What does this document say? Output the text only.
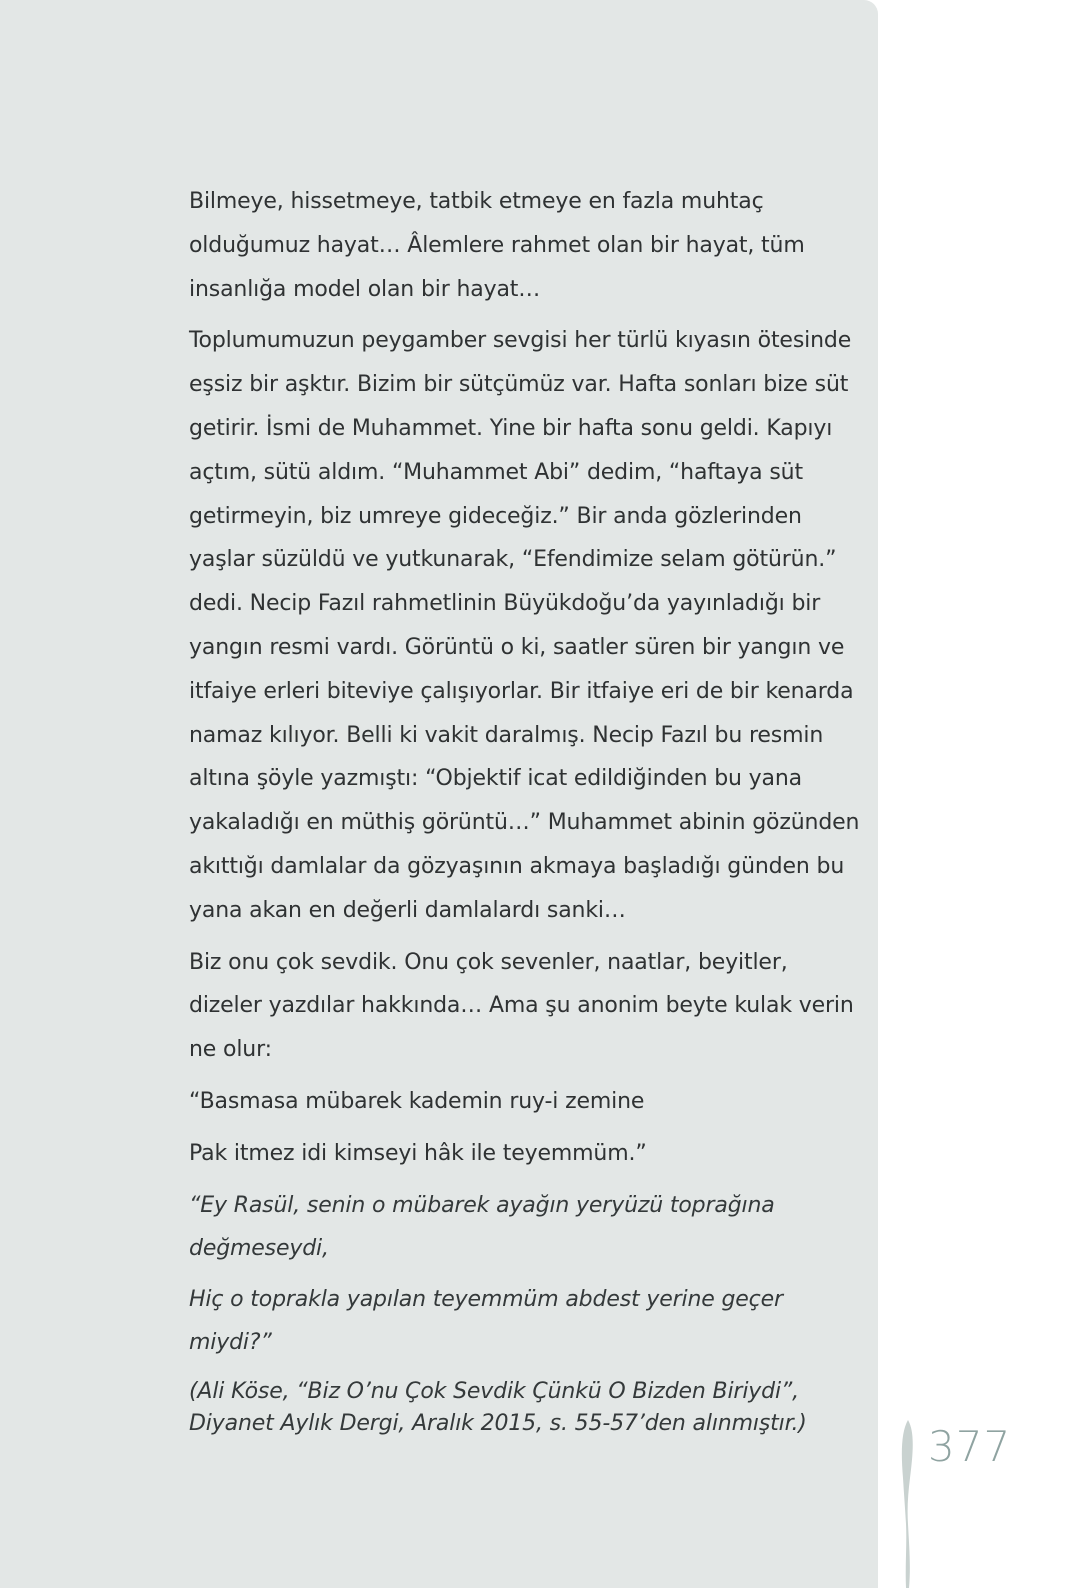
Bilmeye, hissetmeye, tatbik etmeye en fazla muhtaç olduğumuz hayat… Âlemlere rahmet olan bir hayat, tüm insanlığa model olan bir hayat…

Toplumumuzun peygamber sevgisi her türlü kıyasın ötesinde eşsiz bir aşktır. Bizim bir sütçümüz var. Hafta sonları bize süt getirir. İsmi de Muhammet. Yine bir hafta sonu geldi. Kapıyı açtım, sütü aldım. “Muhammet Abi” dedim, “haftaya süt getirmeyin, biz umreye gideceğiz.” Bir anda gözlerinden yaşlar süzüldü ve yutkunarak, “Efendimize selam götürün.” dedi. Necip Fazıl rahmetlinin Büyükdoğu’da yayınladığı bir yangın resmi vardı. Görüntü o ki, saatler süren bir yangın ve itfaiye erleri biteviye çalışıyorlar. Bir itfaiye eri de bir kenarda namaz kılıyor. Belli ki vakit daralmış. Necip Fazıl bu resmin altına şöyle yazmıştı: “Objektif icat edildiğinden bu yana yakaladığı en müthiş görüntü…” Muhammet abinin gözünden akıttığı damlalar da gözyaşının akmaya başladığı günden bu yana akan en değerli damlalardı sanki…

Biz onu çok sevdik. Onu çok sevenler, naatlar, beyitler, dizeler yazdılar hakkında… Ama şu anonim beyte kulak verin ne olur:

“Basmasa mübarek kademin ruy-i zemine

Pak itmez idi kimseyi hâk ile teyemmüm.”

“Ey Rasül, senin o mübarek ayağın yeryüzü toprağına değmeseydi,

Hiç o toprakla yapılan teyemmüm abdest yerine geçer miydi?”

(Ali Köse, “Biz O’nu Çok Sevdik Çünkü O Bizden Biriydi”, Diyanet Aylık Dergi, Aralık 2015, s. 55-57’den alınmıştır.)	377
